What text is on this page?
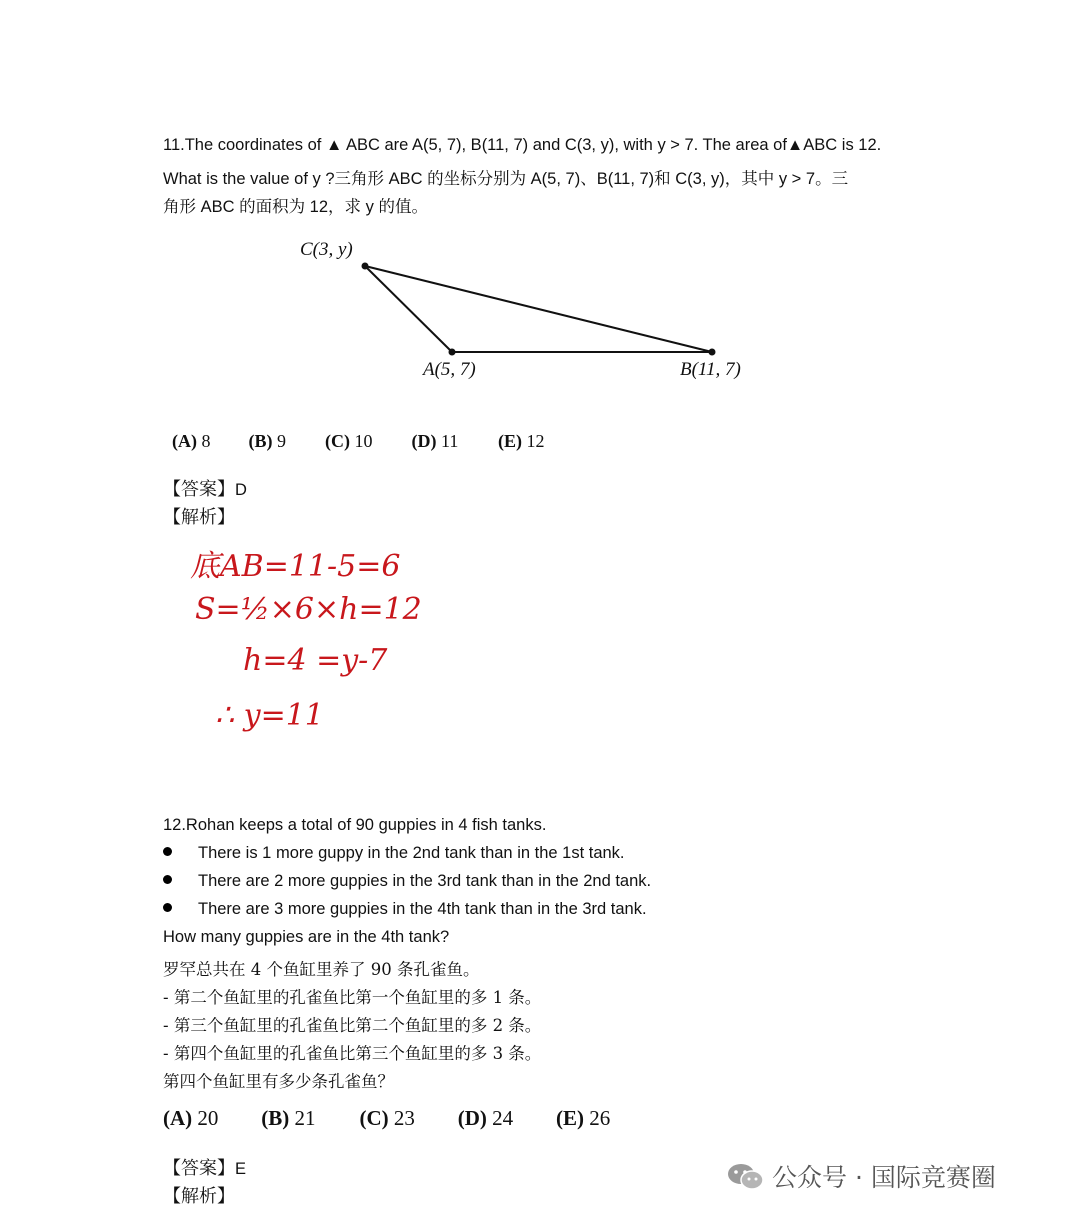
11.The coordinates of ▲ ABC are A(5, 7), B(11, 7) and C(3, y), with y > 7. The area of▲ABC is 12.
What is the value of y ?三角形 ABC 的坐标分别为 A(5, 7)、B(11, 7)和 C(3, y)，其中 y > 7。三
角形 ABC 的面积为 12，求 y 的值。
C(3, y)
A(5, 7)	B(11, 7)
(A) 8 (B) 9 (C) 10 (D) 11 (E) 12
【答案】D
【解析】
底AB=11-5=6
S=½×6×h=12
h=4 =y-7
∴ y=11
12.Rohan keeps a total of 90 guppies in 4 fish tanks.
There is 1 more guppy in the 2nd tank than in the 1st tank.
There are 2 more guppies in the 3rd tank than in the 2nd tank.
There are 3 more guppies in the 4th tank than in the 3rd tank.
How many guppies are in the 4th tank?
罗罕总共在 4 个鱼缸里养了 90 条孔雀鱼。
- 第二个鱼缸里的孔雀鱼比第一个鱼缸里的多 1 条。
- 第三个鱼缸里的孔雀鱼比第二个鱼缸里的多 2 条。
- 第四个鱼缸里的孔雀鱼比第三个鱼缸里的多 3 条。
第四个鱼缸里有多少条孔雀鱼？
(A) 20 (B) 21 (C) 23 (D) 24 (E) 26
【答案】E
【解析】
公众号 · 国际竞赛圈
